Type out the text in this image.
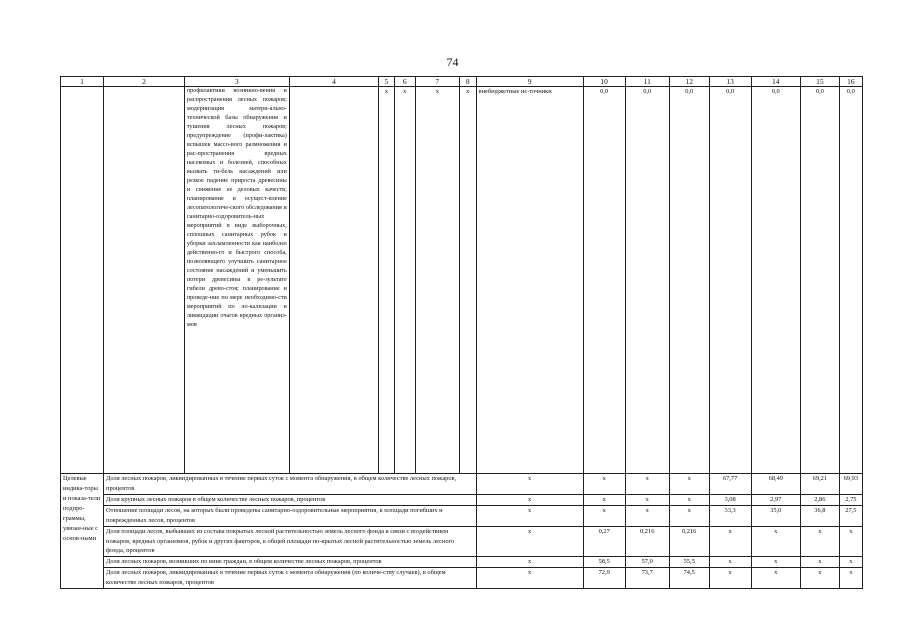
74
1	2	3	4	5	6	7	8	9	10	11	12	13	14	15	16
		профилактики возникно-вения и распространения лесных пожаров; модернизация матери-ально-технической базы обнаружения и тушения лесных пожаров; предупреждение (профи-лактика) вспышек массо-вого размножения и рас-пространения вредных насекомых и болезней, способных вызвать ги-бель насаждений или резкое падение прироста древесины и снижение ее деловых качеств; планирование и осущест-вление лесопатологиче-ского обследования и санитарно-оздоровитель-ных мероприятий в виде выборочных, сплошных санитарных рубок и уборки захламленности как наиболее действенно-го и быстрого способа, позволяющего улучшить санитарное состояние насаждений и уменьшить потери древесины в ре-зультате гибели древо-стоя; планирование и проведе-ние по мере необходимо-сти мероприятий по ло-кализации и ликвидации очагов вредных организ-мов		х	х	х	х	внебюджетные ис-точники	0,0	0,0	0,0	0,0	0,0	0,0	0,0
Целевые индика-торы и показа-тели подпро-граммы, увязан-ные с основ-ными	Доля лесных пожаров, ликвидированных в течение первых суток с момента обнаружения, в общем количестве лесных пожаров, процентов							х	х	х	х	67,77	68,49	69,21	69,93
	Доля крупных лесных пожаров в общем количестве лесных пожаров, процентов							х	х	х	х	3,08	2,97	2,86	2,75
	Отношение площади лесов, на которых были проведены санитарно-оздоровительные мероприятия, к площади погибших и поврежденных лесов, процентов							х	х	х	х	33,3	35,0	36,8	27,5
	Доля площади лесов, выбывших из состава покрытых лесной растительностью земель лесного фонда в связи с воздействием пожаров, вредных организмов, рубок и других факторов, в общей площади по-крытых лесной растительностью земель лесного фонда, процентов							х	0,27	0,216	0,216	х	х	х	х
	Доля лесных пожаров, возникших по вине граждан, в общем количестве лесных пожаров, процентов							х	58,5	57,0	55,5	х	х	х	х
	Доля лесных пожаров, ликвидированных в течение первых суток с момента обнаружения (по количе-ству случаев), в общем количестве лесных пожаров, процентов							х	72,9	73,7	74,5	х	х	х	х
